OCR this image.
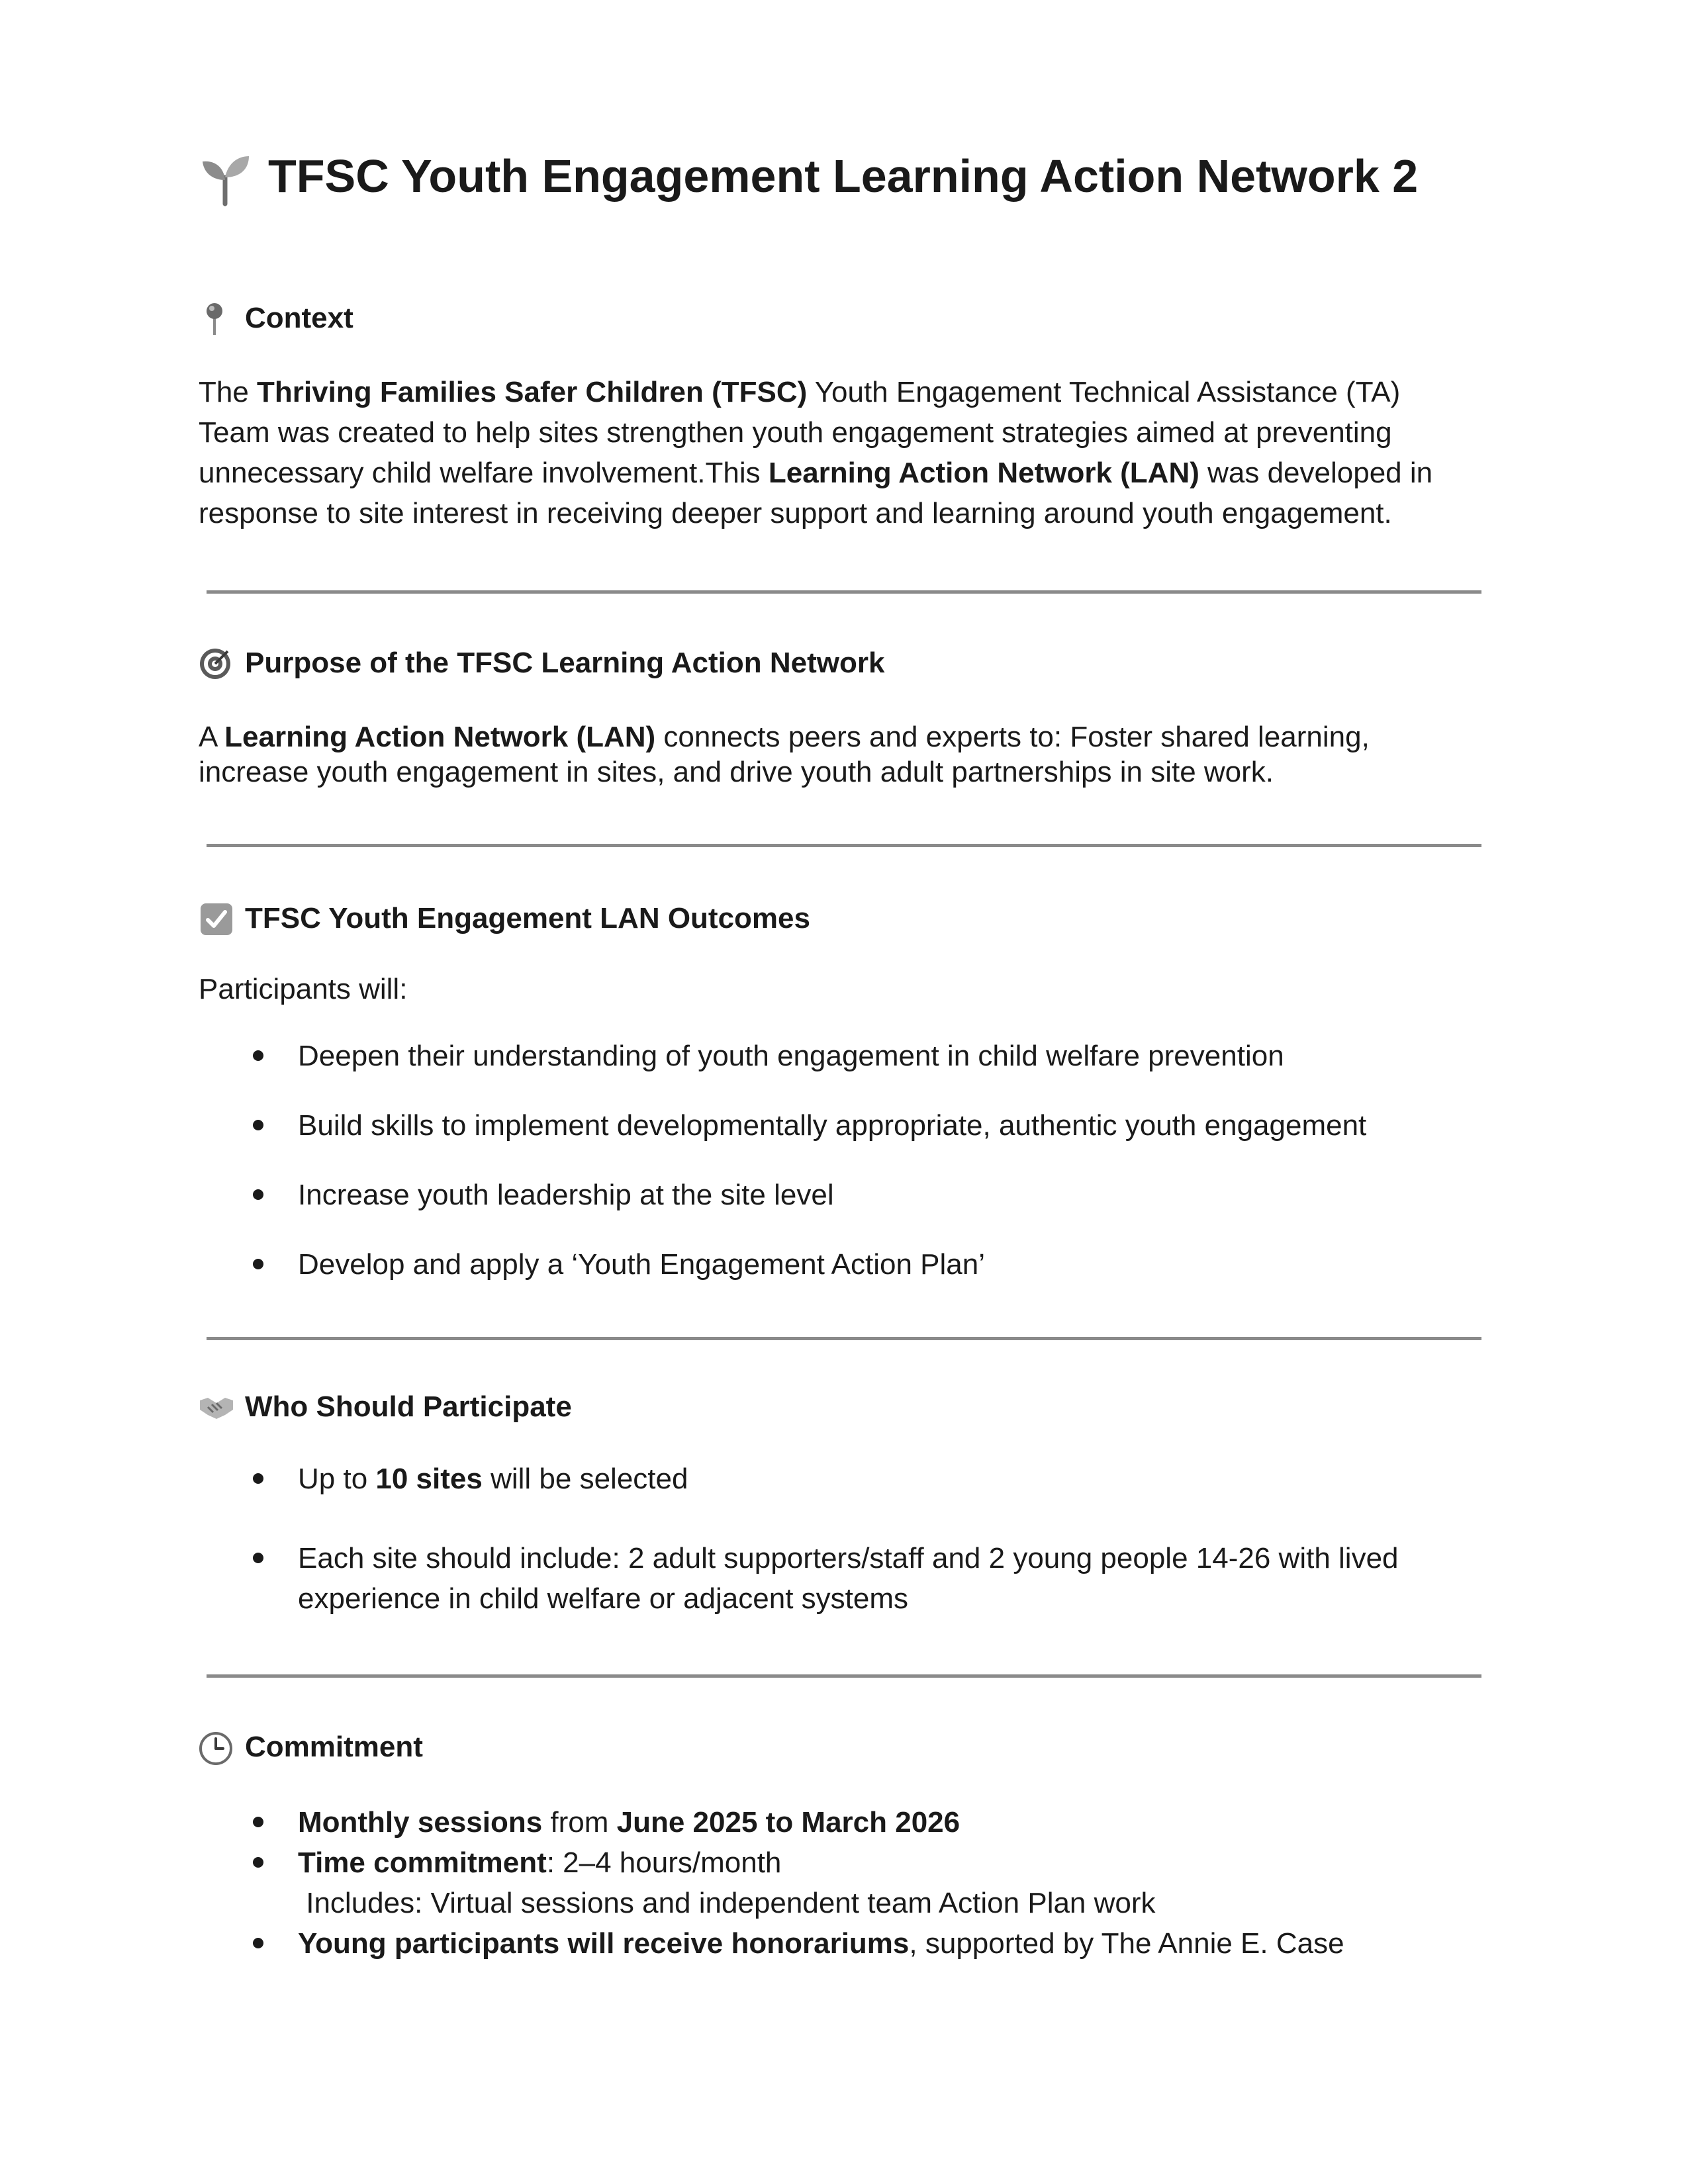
TFSC Youth Engagement Learning Action Network 2
Context
The Thriving Families Safer Children (TFSC) Youth Engagement Technical Assistance (TA)
Team was created to help sites strengthen youth engagement strategies aimed at preventing
unnecessary child welfare involvement.This Learning Action Network (LAN) was developed in
response to site interest in receiving deeper support and learning around youth engagement.
Purpose of the TFSC Learning Action Network
A Learning Action Network (LAN) connects peers and experts to: Foster shared learning,
increase youth engagement in sites, and drive youth adult partnerships in site work.
TFSC Youth Engagement LAN Outcomes
Participants will:
Deepen their understanding of youth engagement in child welfare prevention
Build skills to implement developmentally appropriate, authentic youth engagement
Increase youth leadership at the site level
Develop and apply a ‘Youth Engagement Action Plan’
Who Should Participate
Up to 10 sites will be selected
Each site should include: 2 adult supporters/staff and 2 young people 14-26 with lived
experience in child welfare or adjacent systems
Commitment
Monthly sessions from June 2025 to March 2026
Time commitment: 2–4 hours/month
Includes: Virtual sessions and independent team Action Plan work
Young participants will receive honorariums, supported by The Annie E. Case
